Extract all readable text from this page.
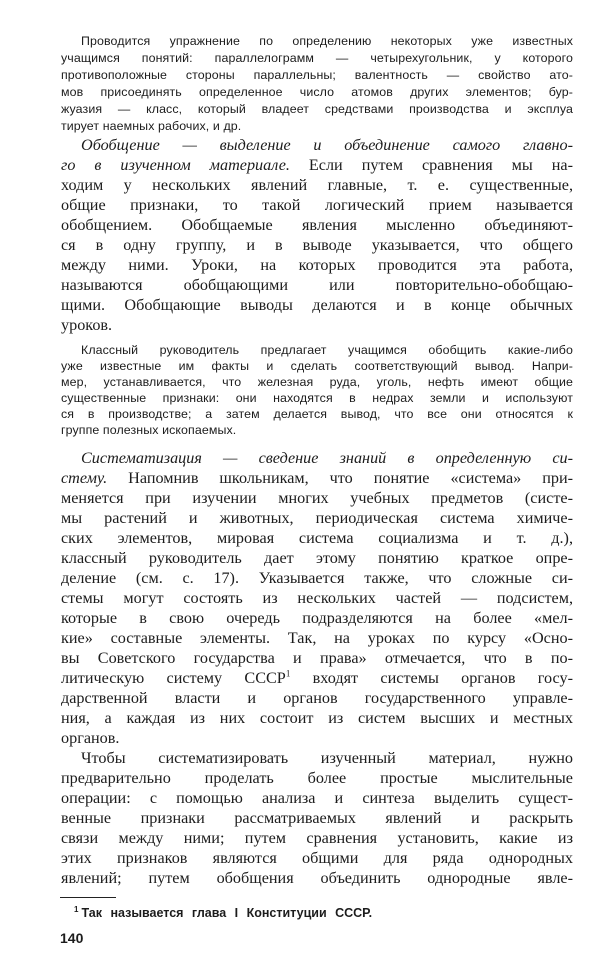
Проводится упражнение по определению некоторых уже известных
учащимся понятий: параллелограмм — четырехугольник, у которого
противоположные стороны параллельны; валентность — свойство ато-
мов присоединять определенное число атомов других элементов; бур-
жуазия — класс, который владеет средствами производства и эксплуа
тирует наемных рабочих, и др.
Обобщение — выделение и объединение самого главно-
го в изученном материале. Если путем сравнения мы на-
ходим у нескольких явлений главные, т. е. существенные,
общие признаки, то такой логический прием называется
обобщением. Обобщаемые явления мысленно объединяют-
ся в одну группу, и в выводе указывается, что общего
между ними. Уроки, на которых проводится эта работа,
называются обобщающими или повторительно-обобщаю-
щими. Обобщающие выводы делаются и в конце обычных
уроков.
Классный руководитель предлагает учащимся обобщить какие-либо
уже известные им факты и сделать соответствующий вывод. Напри-
мер, устанавливается, что железная руда, уголь, нефть имеют общие
существенные признаки: они находятся в недрах земли и используют
ся в производстве; а затем делается вывод, что все они относятся к
группе полезных ископаемых.
Систематизация — сведение знаний в определенную си-
стему. Напомнив школьникам, что понятие «система» при-
меняется при изучении многих учебных предметов (систе-
мы растений и животных, периодическая система химиче-
ских элементов, мировая система социализма и т. д.),
классный руководитель дает этому понятию краткое опре-
деление (см. с. 17). Указывается также, что сложные си-
стемы могут состоять из нескольких частей — подсистем,
которые в свою очередь подразделяются на более «мел-
кие» составные элементы. Так, на уроках по курсу «Осно-
вы Советского государства и права» отмечается, что в по-
литическую систему СССР$^1$ входят системы органов госу-
дарственной власти и органов государственного управле-
ния, а каждая из них состоит из систем высших и местных
органов.
Чтобы систематизировать изученный материал, нужно
предварительно проделать более простые мыслительные
операции: с помощью анализа и синтеза выделить сущест-
венные признаки рассматриваемых явлений и раскрыть
связи между ними; путем сравнения установить, какие из
этих признаков являются общими для ряда однородных
явлений; путем обобщения объединить однородные явле-
$^1$ Так называется глава I Конституции СССР.
140
